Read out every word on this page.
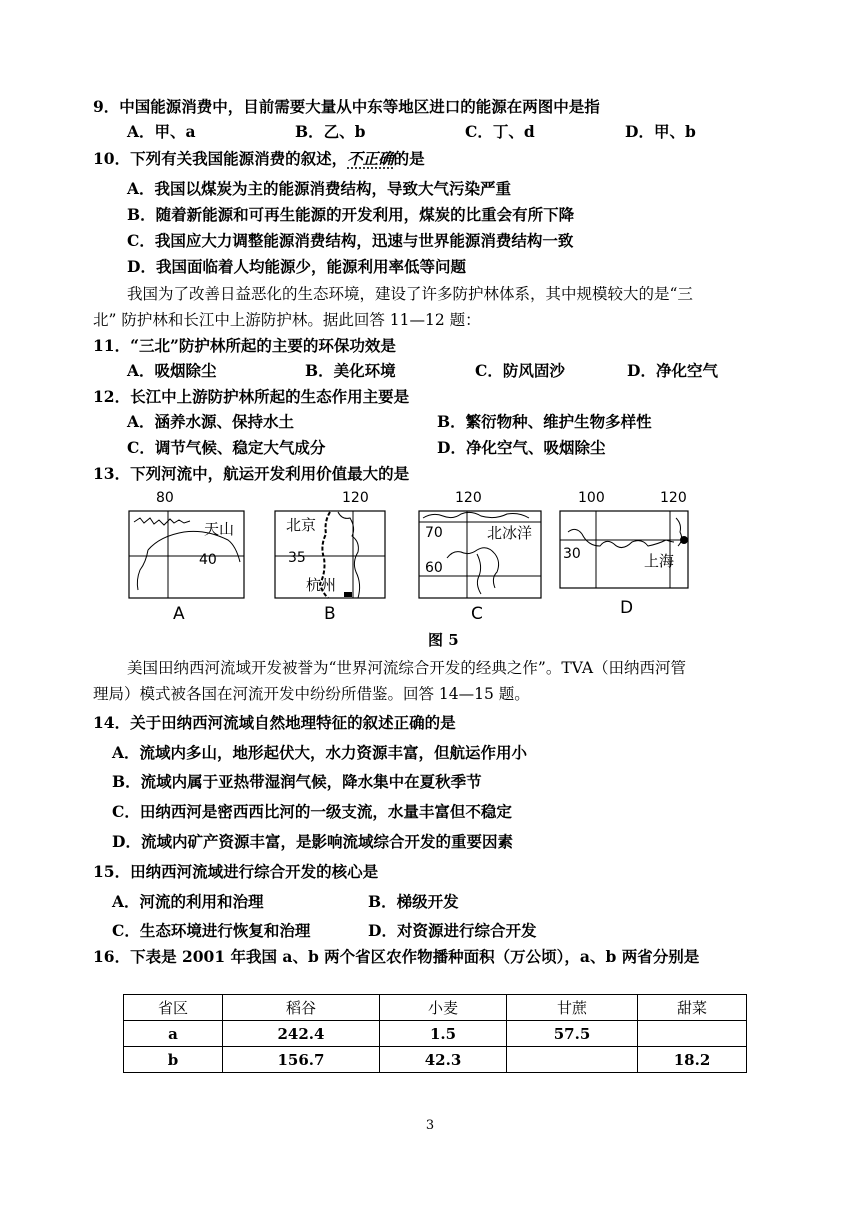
9．中国能源消费中，目前需要大量从中东等地区进口的能源在两图中是指
A．甲、a	B．乙、b	C．丁、d	D．甲、b
10．下列有关我国能源消费的叙述，不正确的是
A．我国以煤炭为主的能源消费结构，导致大气污染严重
B．随着新能源和可再生能源的开发利用，煤炭的比重会有所下降
C．我国应大力调整能源消费结构，迅速与世界能源消费结构一致
D．我国面临着人均能源少，能源利用率低等问题
我国为了改善日益恶化的生态环境，建设了许多防护林体系，其中规模较大的是“三
北” 防护林和长江中上游防护林。据此回答 11—12 题：
11．“三北”防护林所起的主要的环保功效是
A．吸烟除尘	B．美化环境	C．防风固沙	D．净化空气
12．长江中上游防护林所起的生态作用主要是
A．涵养水源、保持水土	B．繁衍物种、维护生物多样性
C．调节气候、稳定大气成分	D．净化空气、吸烟除尘
13．下列河流中，航运开发利用价值最大的是
80
天山
40
A
120
北京
35
杭州
B
120
70	北冰洋
60
C
100	120
30	上海
D
图 5
美国田纳西河流域开发被誉为“世界河流综合开发的经典之作”。TVA（田纳西河管
理局）模式被各国在河流开发中纷纷所借鉴。回答 14—15 题。
14．关于田纳西河流域自然地理特征的叙述正确的是
A．流域内多山，地形起伏大，水力资源丰富，但航运作用小
B．流域内属于亚热带湿润气候，降水集中在夏秋季节
C．田纳西河是密西西比河的一级支流，水量丰富但不稳定
D．流域内矿产资源丰富，是影响流域综合开发的重要因素
15．田纳西河流域进行综合开发的核心是
A．河流的利用和治理	B．梯级开发
C．生态环境进行恢复和治理	D．对资源进行综合开发
16．下表是 2001 年我国 a、b 两个省区农作物播种面积（万公顷），a、b 两省分别是
省区	稻谷	小麦	甘蔗	甜菜
a	242.4	1.5	57.5	
b	156.7	42.3		18.2
3
